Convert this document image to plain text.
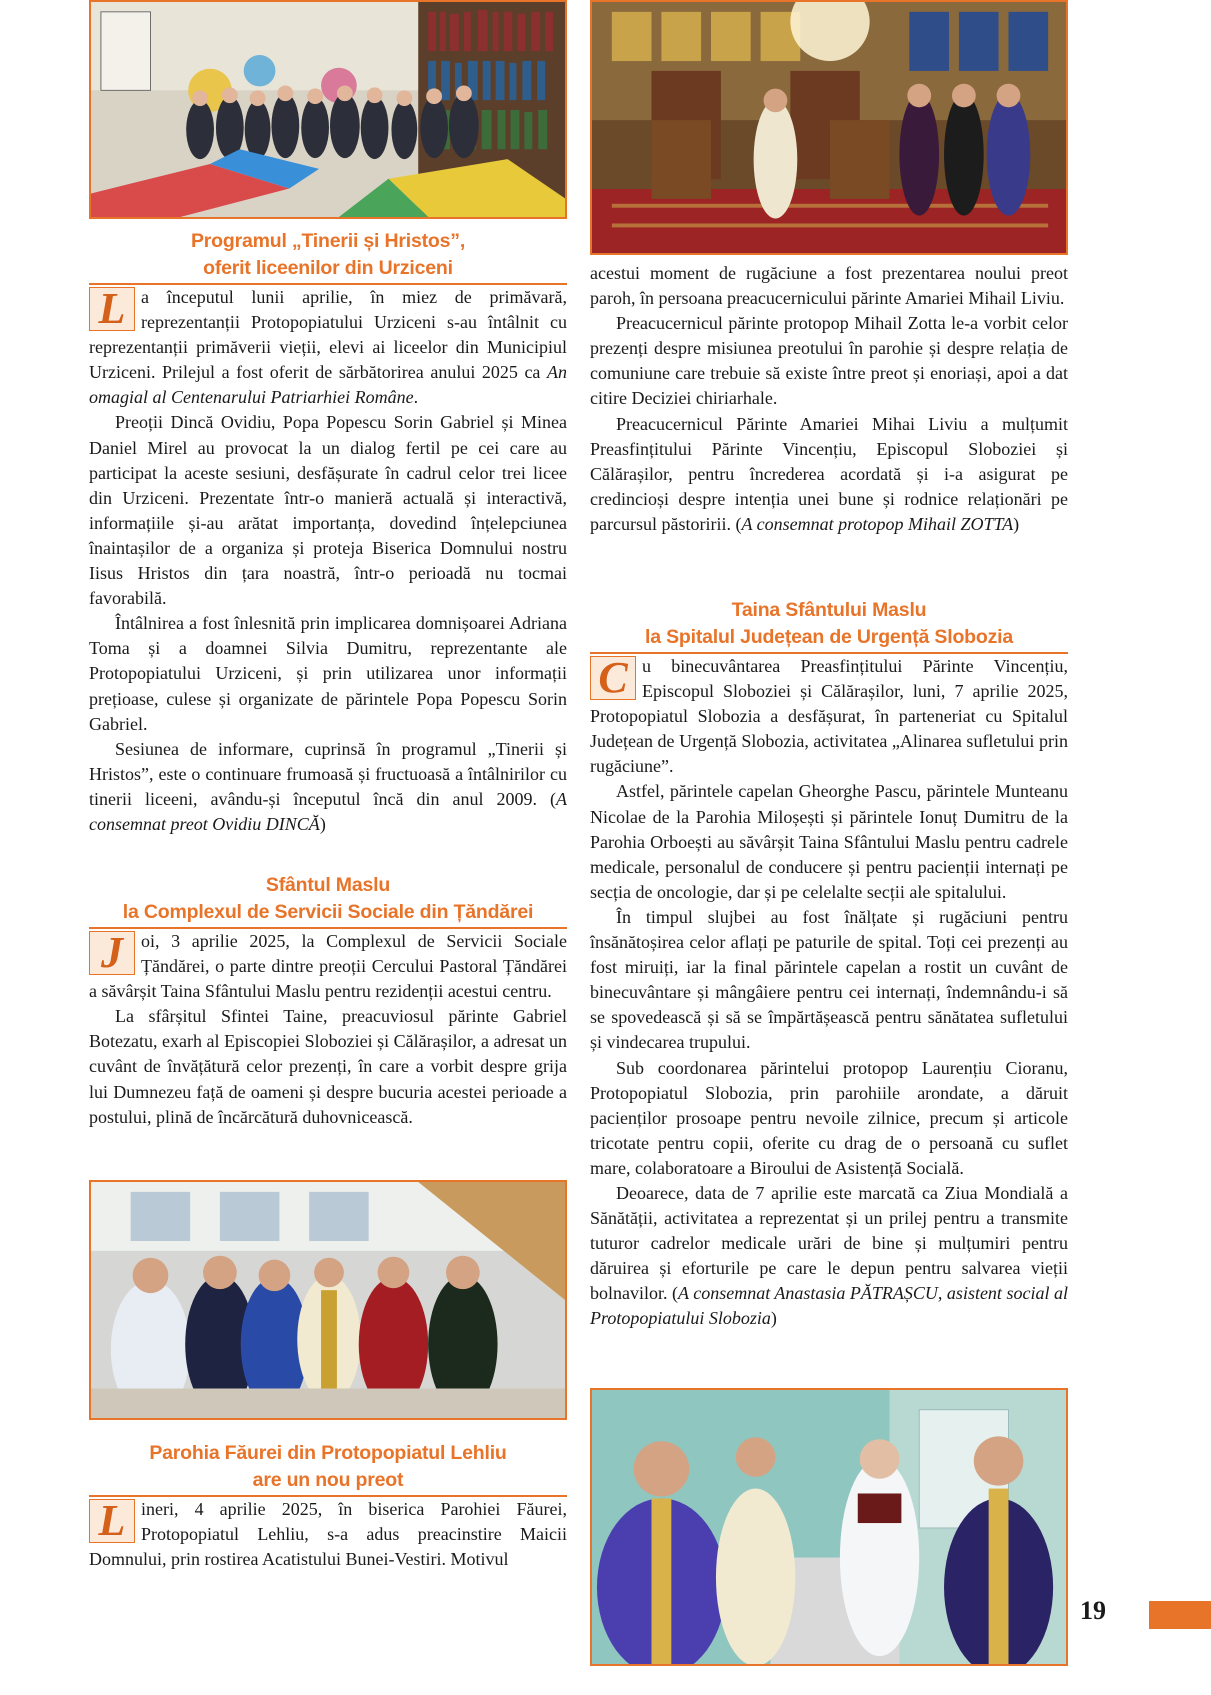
Programul „Tinerii și Hristos”,
oferit liceenilor din Urziceni

L a începutul lunii aprilie, în miez de primăvară, reprezentanții Protopopiatului Urziceni s-au întâlnit cu reprezentanții primăverii vieții, elevi ai liceelor din Municipiul Urziceni. Prilejul a fost oferit de sărbătorirea anului 2025 ca An omagial al Centenarului Patriarhiei Române.

Preoții Dincă Ovidiu, Popa Popescu Sorin Gabriel și Minea Daniel Mirel au provocat la un dialog fertil pe cei care au participat la aceste sesiuni, desfășurate în cadrul celor trei licee din Urziceni. Prezentate într-o manieră actuală și interactivă, informațiile și-au arătat importanța, dovedind înțelepciunea înaintașilor de a organiza și proteja Biserica Domnului nostru Iisus Hristos din țara noastră, într-o perioadă nu tocmai favorabilă.

Întâlnirea a fost înlesnită prin implicarea domnișoarei Adriana Toma și a doamnei Silvia Dumitru, reprezentante ale Protopopiatului Urziceni, și prin utilizarea unor informații prețioase, culese și organizate de părintele Popa Popescu Sorin Gabriel.

Sesiunea de informare, cuprinsă în programul „Tinerii și Hristos”, este o continuare frumoasă și fructuoasă a întâlnirilor cu tinerii liceeni, avându-și începutul încă din anul 2009. (A consemnat preot Ovidiu DINCĂ)

Sfântul Maslu
la Complexul de Servicii Sociale din Țăndărei

J	oi, 3 aprilie 2025, la Complexul de Servicii Sociale Țăndărei, o parte dintre preoții Cercului Pastoral Țăndărei a săvârșit Taina Sfântului Maslu pentru rezidenții acestui centru.

La sfârșitul Sfintei Taine, preacuviosul părinte Gabriel Botezatu, exarh al Episcopiei Sloboziei și Călărașilor, a adresat un cuvânt de învățătură celor prezenți, în care a vorbit despre grija lui Dumnezeu față de oameni și despre bucuria acestei perioade a postului, plină de încărcătură duhovnicească.

Parohia Făurei din Protopopiatul Lehliu
are un nou preot

L ineri, 4 aprilie 2025, în biserica Parohiei Făurei, Protopopiatul Lehliu, s-a adus preacinstire Maicii Domnului, prin rostirea Acatistului Bunei-Vestiri. Motivul

acestui moment de rugăciune a fost prezentarea noului preot paroh, în persoana preacucernicului părinte Amariei Mihail Liviu.

Preacucernicul părinte protopop Mihail Zotta le-a vorbit celor prezenți despre misiunea preotului în parohie și despre relația de comuniune care trebuie să existe între preot și enoriași, apoi a dat citire Deciziei chiriarhale.

Preacucernicul Părinte Amariei Mihai Liviu a mulțumit Preasfințitului Părinte Vincențiu, Episcopul Sloboziei și Călărașilor, pentru încrederea acordată și i-a asigurat pe credincioși despre intenția unei bune și rodnice relaționări pe parcursul păstoririi. (A consemnat protopop Mihail ZOTTA)

Taina Sfântului Maslu
la Spitalul Județean de Urgență Slobozia

C u binecuvântarea Preasfințitului Părinte Vincențiu, Episcopul Sloboziei și Călărașilor, luni, 7 aprilie 2025, Protopopiatul Slobozia a desfășurat, în parteneriat cu Spitalul Județean de Urgență Slobozia, activitatea „Alinarea sufletului prin rugăciune”.

Astfel, părintele capelan Gheorghe Pascu, părintele Munteanu Nicolae de la Parohia Miloșești și părintele Ionuț Dumitru de la Parohia Orboești au săvârșit Taina Sfântului Maslu pentru cadrele medicale, personalul de conducere și pentru pacienții internați pe secția de oncologie, dar și pe celelalte secții ale spitalului.

În timpul slujbei au fost înălțate și rugăciuni pentru însănătoșirea celor aflați pe paturile de spital. Toți cei prezenți au fost miruiți, iar la final părintele capelan a rostit un cuvânt de binecuvântare și mângâiere pentru cei internați, îndemnându-i să se spovedească și să se împărtășească pentru sănătatea sufletului și vindecarea trupului.

Sub coordonarea părintelui protopop Laurențiu Cioranu, Protopopiatul Slobozia, prin parohiile arondate, a dăruit pacienților prosoape pentru nevoile zilnice, precum și articole tricotate pentru copii, oferite cu drag de o persoană cu suflet mare, colaboratoare a Biroului de Asistență Socială.

Deoarece, data de 7 aprilie este marcată ca Ziua Mondială a Sănătății, activitatea a reprezentat și un prilej pentru a transmite tuturor cadrelor medicale urări de bine și mulțumiri pentru dăruirea și eforturile pe care le depun pentru salvarea vieții bolnavilor. (A consemnat Anastasia PĂTRAȘCU, asistent social al Protopopiatului Slobozia)

19
